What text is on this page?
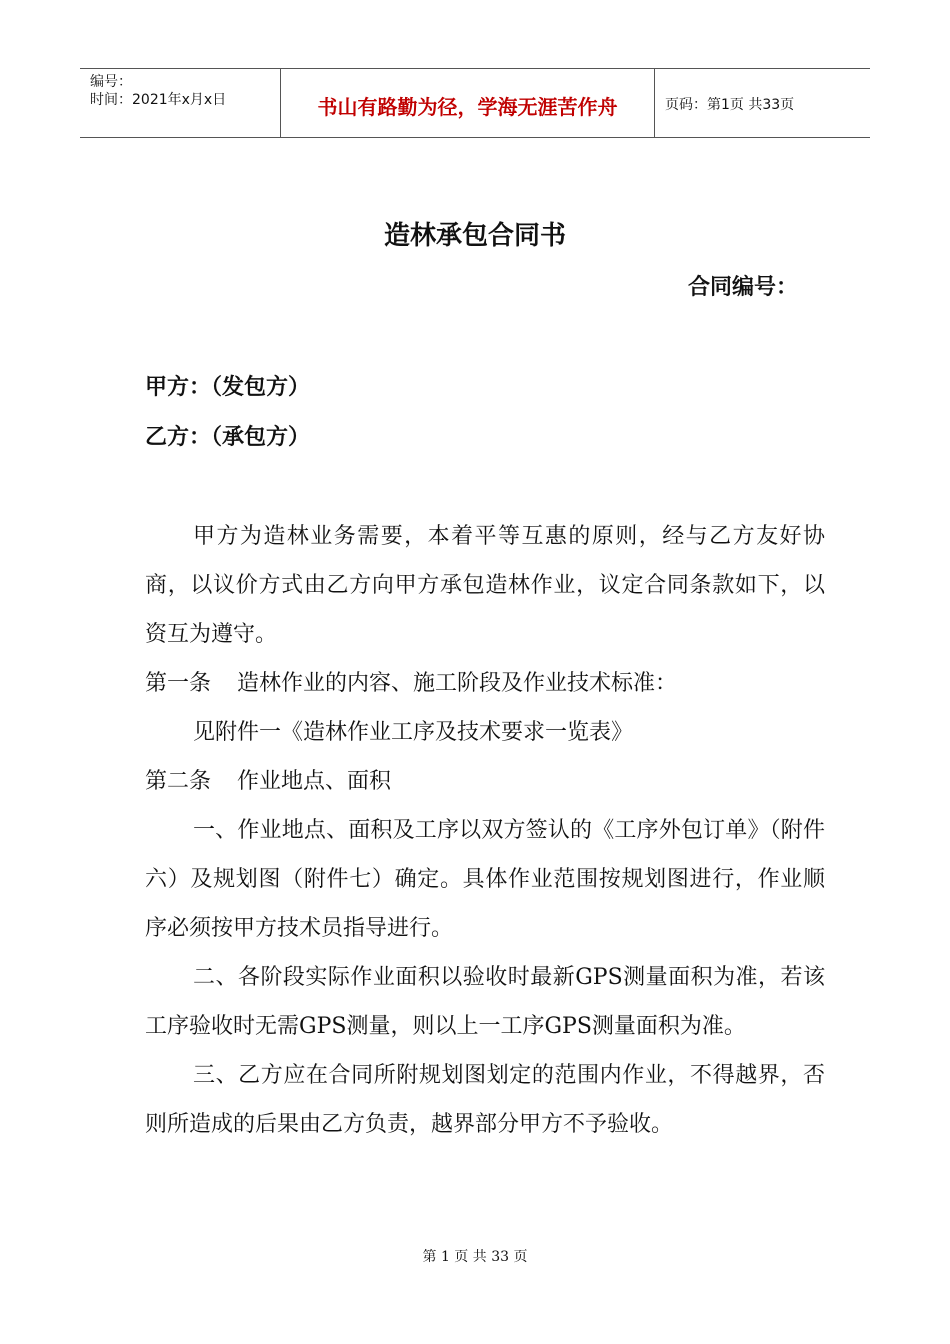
编号：
时间：2021年x月x日	书山有路勤为径，学海无涯苦作舟	页码：第1页 共33页
造林承包合同书
合同编号：
甲方：（发包方）
乙方：（承包方）

甲方为造林业务需要，本着平等互惠的原则，经与乙方友好协商，以议价方式由乙方向甲方承包造林作业，议定合同条款如下，以资互为遵守。

第一条 造林作业的内容、施工阶段及作业技术标准：

见附件一《造林作业工序及技术要求一览表》

第二条 作业地点、面积

一、作业地点、面积及工序以双方签认的《工序外包订单》（附件六）及规划图（附件七）确定。具体作业范围按规划图进行，作业顺序必须按甲方技术员指导进行。

二、各阶段实际作业面积以验收时最新GPS测量面积为准，若该工序验收时无需GPS测量，则以上一工序GPS测量面积为准。

三、乙方应在合同所附规划图划定的范围内作业，不得越界，否则所造成的后果由乙方负责，越界部分甲方不予验收。

第 1 页 共 33 页
